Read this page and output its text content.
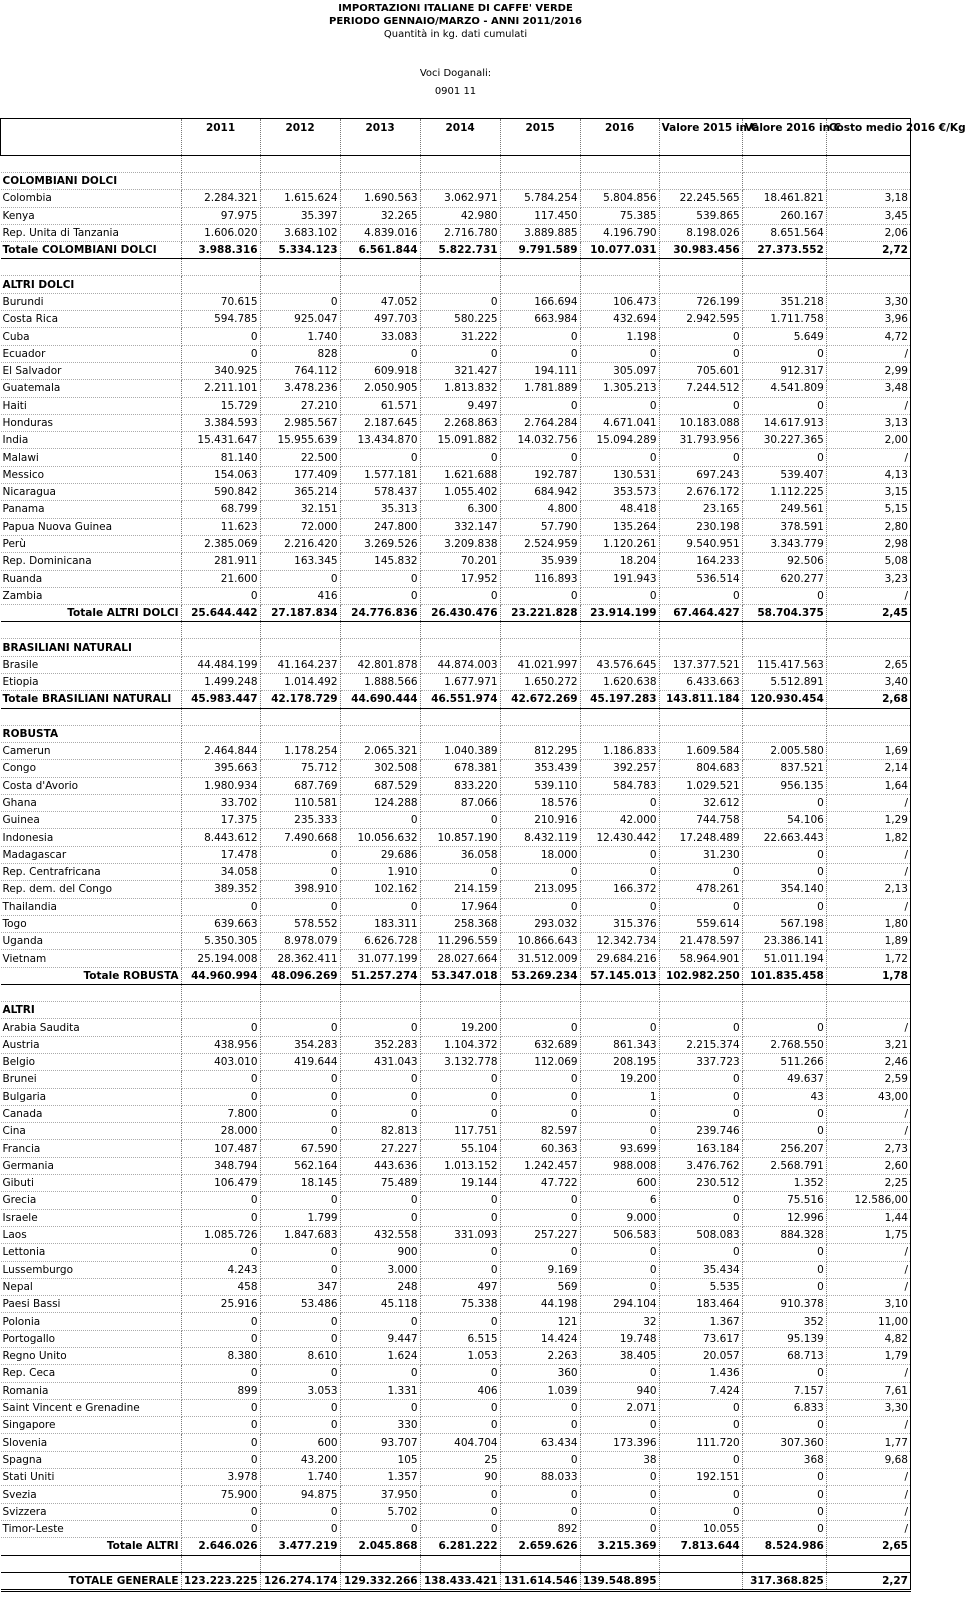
IMPORTAZIONI ITALIANE DI CAFFE' VERDE
PERIODO GENNAIO/MARZO - ANNI 2011/2016
Quantità in kg. dati cumulati
Voci Doganali:
0901 11
	2011	2012	2013	2014	2015	2016	Valore 2015 in €	Valore 2016 in €	Costo medio 2016 €/Kg

COLOMBIANI DOLCI									
Colombia	2.284.321	1.615.624	1.690.563	3.062.971	5.784.254	5.804.856	22.245.565	18.461.821	3,18
Kenya	97.975	35.397	32.265	42.980	117.450	75.385	539.865	260.167	3,45
Rep. Unita di Tanzania	1.606.020	3.683.102	4.839.016	2.716.780	3.889.885	4.196.790	8.198.026	8.651.564	2,06
Totale COLOMBIANI DOLCI	3.988.316	5.334.123	6.561.844	5.822.731	9.791.589	10.077.031	30.983.456	27.373.552	2,72

ALTRI DOLCI									
Burundi	70.615	0	47.052	0	166.694	106.473	726.199	351.218	3,30
Costa Rica	594.785	925.047	497.703	580.225	663.984	432.694	2.942.595	1.711.758	3,96
Cuba	0	1.740	33.083	31.222	0	1.198	0	5.649	4,72
Ecuador	0	828	0	0	0	0	0	0	/
El Salvador	340.925	764.112	609.918	321.427	194.111	305.097	705.601	912.317	2,99
Guatemala	2.211.101	3.478.236	2.050.905	1.813.832	1.781.889	1.305.213	7.244.512	4.541.809	3,48
Haiti	15.729	27.210	61.571	9.497	0	0	0	0	/
Honduras	3.384.593	2.985.567	2.187.645	2.268.863	2.764.284	4.671.041	10.183.088	14.617.913	3,13
India	15.431.647	15.955.639	13.434.870	15.091.882	14.032.756	15.094.289	31.793.956	30.227.365	2,00
Malawi	81.140	22.500	0	0	0	0	0	0	/
Messico	154.063	177.409	1.577.181	1.621.688	192.787	130.531	697.243	539.407	4,13
Nicaragua	590.842	365.214	578.437	1.055.402	684.942	353.573	2.676.172	1.112.225	3,15
Panama	68.799	32.151	35.313	6.300	4.800	48.418	23.165	249.561	5,15
Papua Nuova Guinea	11.623	72.000	247.800	332.147	57.790	135.264	230.198	378.591	2,80
Perù	2.385.069	2.216.420	3.269.526	3.209.838	2.524.959	1.120.261	9.540.951	3.343.779	2,98
Rep. Dominicana	281.911	163.345	145.832	70.201	35.939	18.204	164.233	92.506	5,08
Ruanda	21.600	0	0	17.952	116.893	191.943	536.514	620.277	3,23
Zambia	0	416	0	0	0	0	0	0	/
Totale ALTRI DOLCI	25.644.442	27.187.834	24.776.836	26.430.476	23.221.828	23.914.199	67.464.427	58.704.375	2,45

BRASILIANI NATURALI									
Brasile	44.484.199	41.164.237	42.801.878	44.874.003	41.021.997	43.576.645	137.377.521	115.417.563	2,65
Etiopia	1.499.248	1.014.492	1.888.566	1.677.971	1.650.272	1.620.638	6.433.663	5.512.891	3,40
Totale BRASILIANI NATURALI	45.983.447	42.178.729	44.690.444	46.551.974	42.672.269	45.197.283	143.811.184	120.930.454	2,68

ROBUSTA									
Camerun	2.464.844	1.178.254	2.065.321	1.040.389	812.295	1.186.833	1.609.584	2.005.580	1,69
Congo	395.663	75.712	302.508	678.381	353.439	392.257	804.683	837.521	2,14
Costa d'Avorio	1.980.934	687.769	687.529	833.220	539.110	584.783	1.029.521	956.135	1,64
Ghana	33.702	110.581	124.288	87.066	18.576	0	32.612	0	/
Guinea	17.375	235.333	0	0	210.916	42.000	744.758	54.106	1,29
Indonesia	8.443.612	7.490.668	10.056.632	10.857.190	8.432.119	12.430.442	17.248.489	22.663.443	1,82
Madagascar	17.478	0	29.686	36.058	18.000	0	31.230	0	/
Rep. Centrafricana	34.058	0	1.910	0	0	0	0	0	/
Rep. dem. del Congo	389.352	398.910	102.162	214.159	213.095	166.372	478.261	354.140	2,13
Thailandia	0	0	0	17.964	0	0	0	0	/
Togo	639.663	578.552	183.311	258.368	293.032	315.376	559.614	567.198	1,80
Uganda	5.350.305	8.978.079	6.626.728	11.296.559	10.866.643	12.342.734	21.478.597	23.386.141	1,89
Vietnam	25.194.008	28.362.411	31.077.199	28.027.664	31.512.009	29.684.216	58.964.901	51.011.194	1,72
Totale ROBUSTA	44.960.994	48.096.269	51.257.274	53.347.018	53.269.234	57.145.013	102.982.250	101.835.458	1,78

ALTRI									
Arabia Saudita	0	0	0	19.200	0	0	0	0	/
Austria	438.956	354.283	352.283	1.104.372	632.689	861.343	2.215.374	2.768.550	3,21
Belgio	403.010	419.644	431.043	3.132.778	112.069	208.195	337.723	511.266	2,46
Brunei	0	0	0	0	0	19.200	0	49.637	2,59
Bulgaria	0	0	0	0	0	1	0	43	43,00
Canada	7.800	0	0	0	0	0	0	0	/
Cina	28.000	0	82.813	117.751	82.597	0	239.746	0	/
Francia	107.487	67.590	27.227	55.104	60.363	93.699	163.184	256.207	2,73
Germania	348.794	562.164	443.636	1.013.152	1.242.457	988.008	3.476.762	2.568.791	2,60
Gibuti	106.479	18.145	75.489	19.144	47.722	600	230.512	1.352	2,25
Grecia	0	0	0	0	0	6	0	75.516	12.586,00
Israele	0	1.799	0	0	0	9.000	0	12.996	1,44
Laos	1.085.726	1.847.683	432.558	331.093	257.227	506.583	508.083	884.328	1,75
Lettonia	0	0	900	0	0	0	0	0	/
Lussemburgo	4.243	0	3.000	0	9.169	0	35.434	0	/
Nepal	458	347	248	497	569	0	5.535	0	/
Paesi Bassi	25.916	53.486	45.118	75.338	44.198	294.104	183.464	910.378	3,10
Polonia	0	0	0	0	121	32	1.367	352	11,00
Portogallo	0	0	9.447	6.515	14.424	19.748	73.617	95.139	4,82
Regno Unito	8.380	8.610	1.624	1.053	2.263	38.405	20.057	68.713	1,79
Rep. Ceca	0	0	0	0	360	0	1.436	0	/
Romania	899	3.053	1.331	406	1.039	940	7.424	7.157	7,61
Saint Vincent e Grenadine	0	0	0	0	0	2.071	0	6.833	3,30
Singapore	0	0	330	0	0	0	0	0	/
Slovenia	0	600	93.707	404.704	63.434	173.396	111.720	307.360	1,77
Spagna	0	43.200	105	25	0	38	0	368	9,68
Stati Uniti	3.978	1.740	1.357	90	88.033	0	192.151	0	/
Svezia	75.900	94.875	37.950	0	0	0	0	0	/
Svizzera	0	0	5.702	0	0	0	0	0	/
Timor-Leste	0	0	0	0	892	0	10.055	0	/
Totale ALTRI	2.646.026	3.477.219	2.045.868	6.281.222	2.659.626	3.215.369	7.813.644	8.524.986	2,65

TOTALE GENERALE	123.223.225	126.274.174	129.332.266	138.433.421	131.614.546	139.548.895		317.368.825	2,27
